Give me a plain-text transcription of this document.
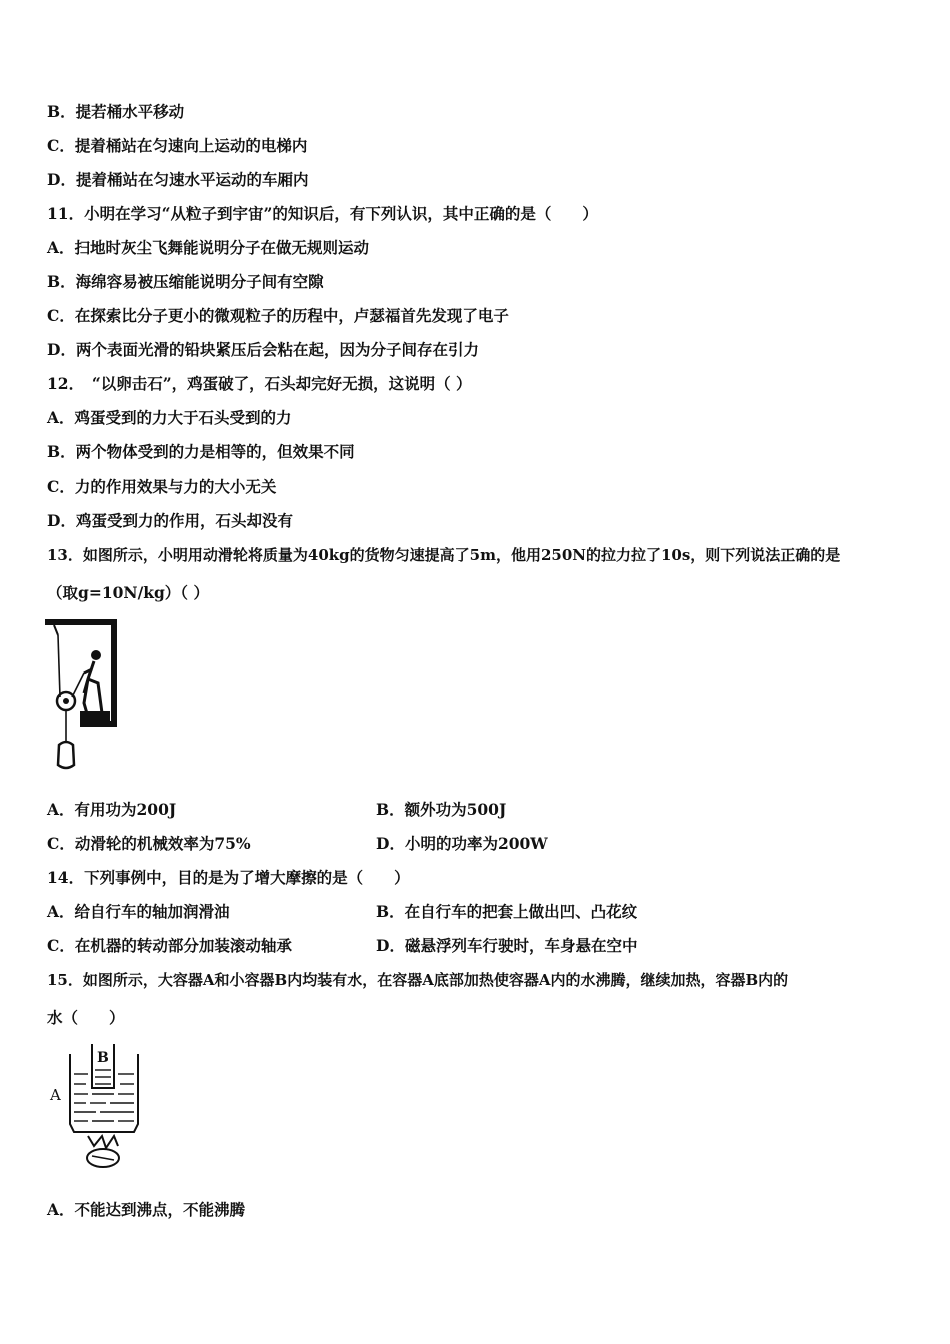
B．提若桶水平移动
C．提着桶站在匀速向上运动的电梯内
D．提着桶站在匀速水平运动的车厢内
11．小明在学习“从粒子到宇宙”的知识后，有下列认识，其中正确的是（　　）
A．扫地时灰尘飞舞能说明分子在做无规则运动
B．海绵容易被压缩能说明分子间有空隙
C．在探索比分子更小的微观粒子的历程中，卢瑟福首先发现了电子
D．两个表面光滑的铅块紧压后会粘在起，因为分子间存在引力
12．　“以卵击石”，鸡蛋破了，石头却完好无损，这说明（ ）
A．鸡蛋受到的力大于石头受到的力
B．两个物体受到的力是相等的，但效果不同
C．力的作用效果与力的大小无关
D．鸡蛋受到力的作用，石头却没有
13．如图所示，小明用动滑轮将质量为40kg的货物匀速提高了5m，他用250N的拉力拉了10s，则下列说法正确的是
（取g=10N/kg）（ ）
A．有用功为200J	B．额外功为500J
C．动滑轮的机械效率为75%	D．小明的功率为200W
14．下列事例中，目的是为了增大摩擦的是（　　）
A．给自行车的轴加润滑油	B．在自行车的把套上做出凹、凸花纹
C．在机器的转动部分加装滚动轴承	D．磁悬浮列车行驶时，车身悬在空中
15．如图所示，大容器A和小容器B内均装有水，在容器A底部加热使容器A内的水沸腾，继续加热，容器B内的
水（　　）
A
B
A．不能达到沸点，不能沸腾
